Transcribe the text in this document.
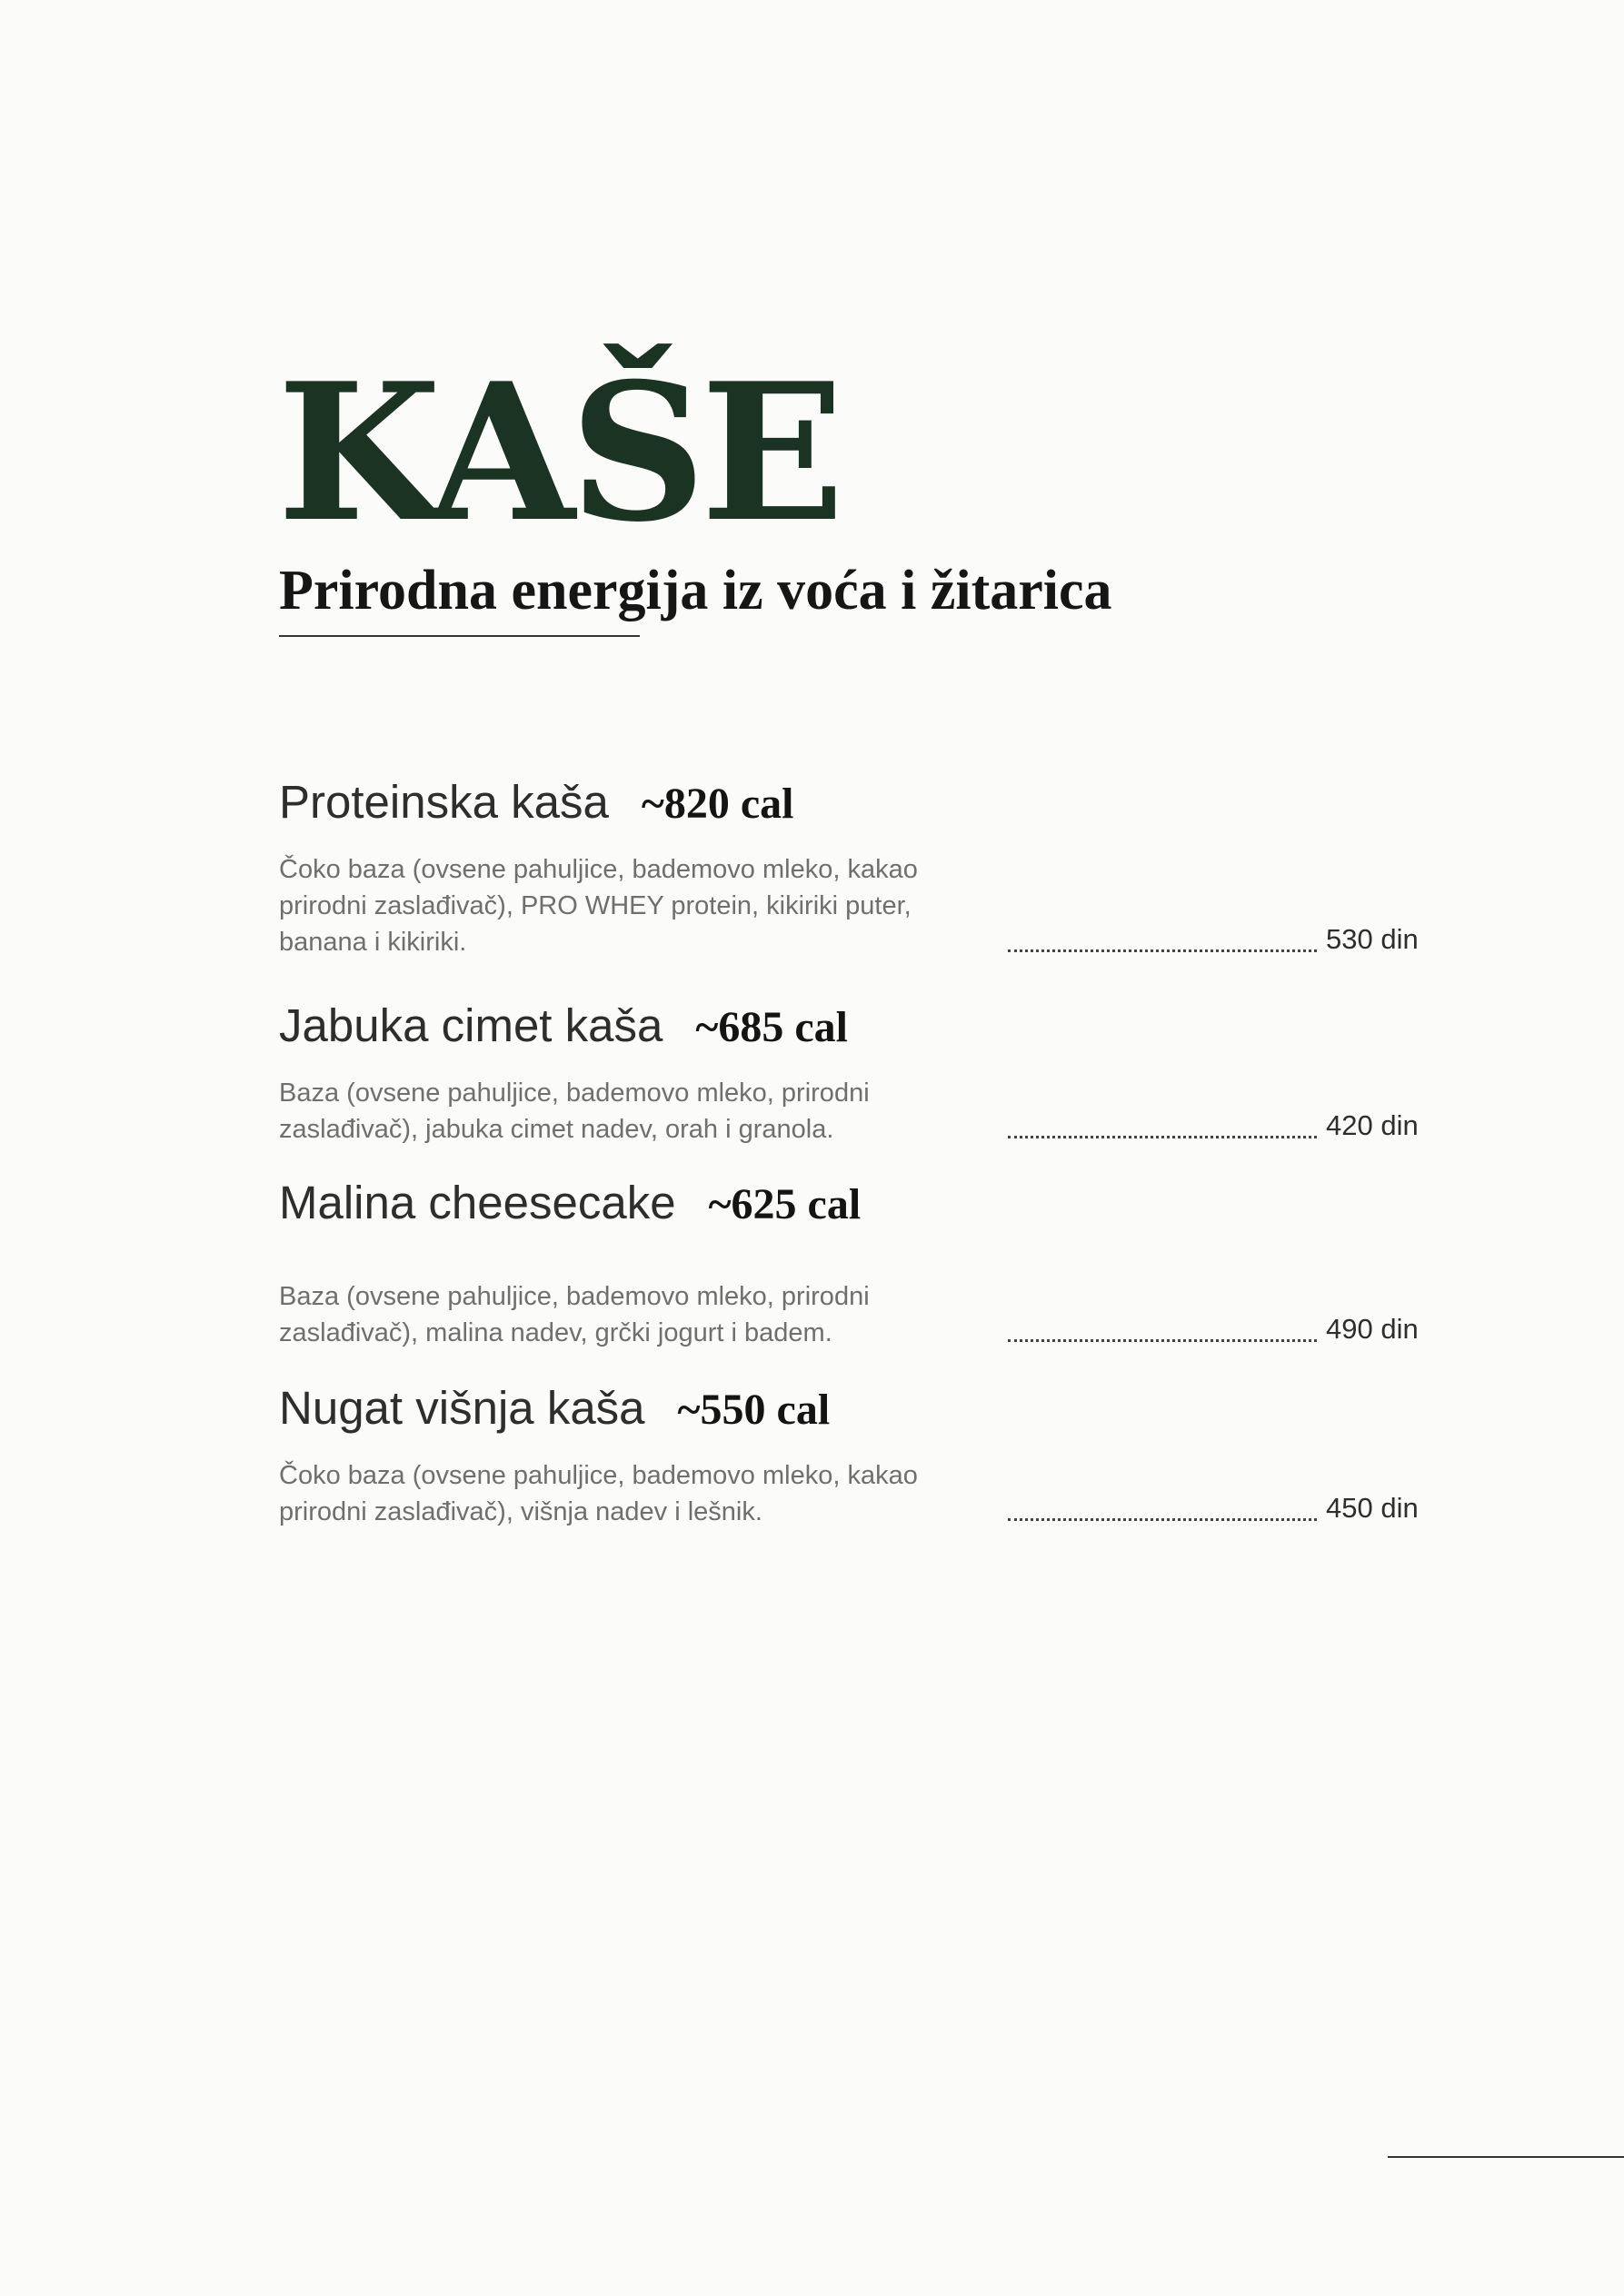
KAŠE
Prirodna energija iz voća i žitarica
Proteinska kaša ~820 cal

Čoko baza (ovsene pahuljice, bademovo mleko, kakao
prirodni zaslađivač), PRO WHEY protein, kikiriki puter,
banana i kikiriki.	530 din
Jabuka cimet kaša ~685 cal

Baza (ovsene pahuljice, bademovo mleko, prirodni
zaslađivač), jabuka cimet nadev, orah i granola.	420 din
Malina cheesecake ~625 cal

Baza (ovsene pahuljice, bademovo mleko, prirodni
zaslađivač), malina nadev, grčki jogurt i badem.	490 din
Nugat višnja kaša ~550 cal

Čoko baza (ovsene pahuljice, bademovo mleko, kakao
prirodni zaslađivač), višnja nadev i lešnik.	450 din
